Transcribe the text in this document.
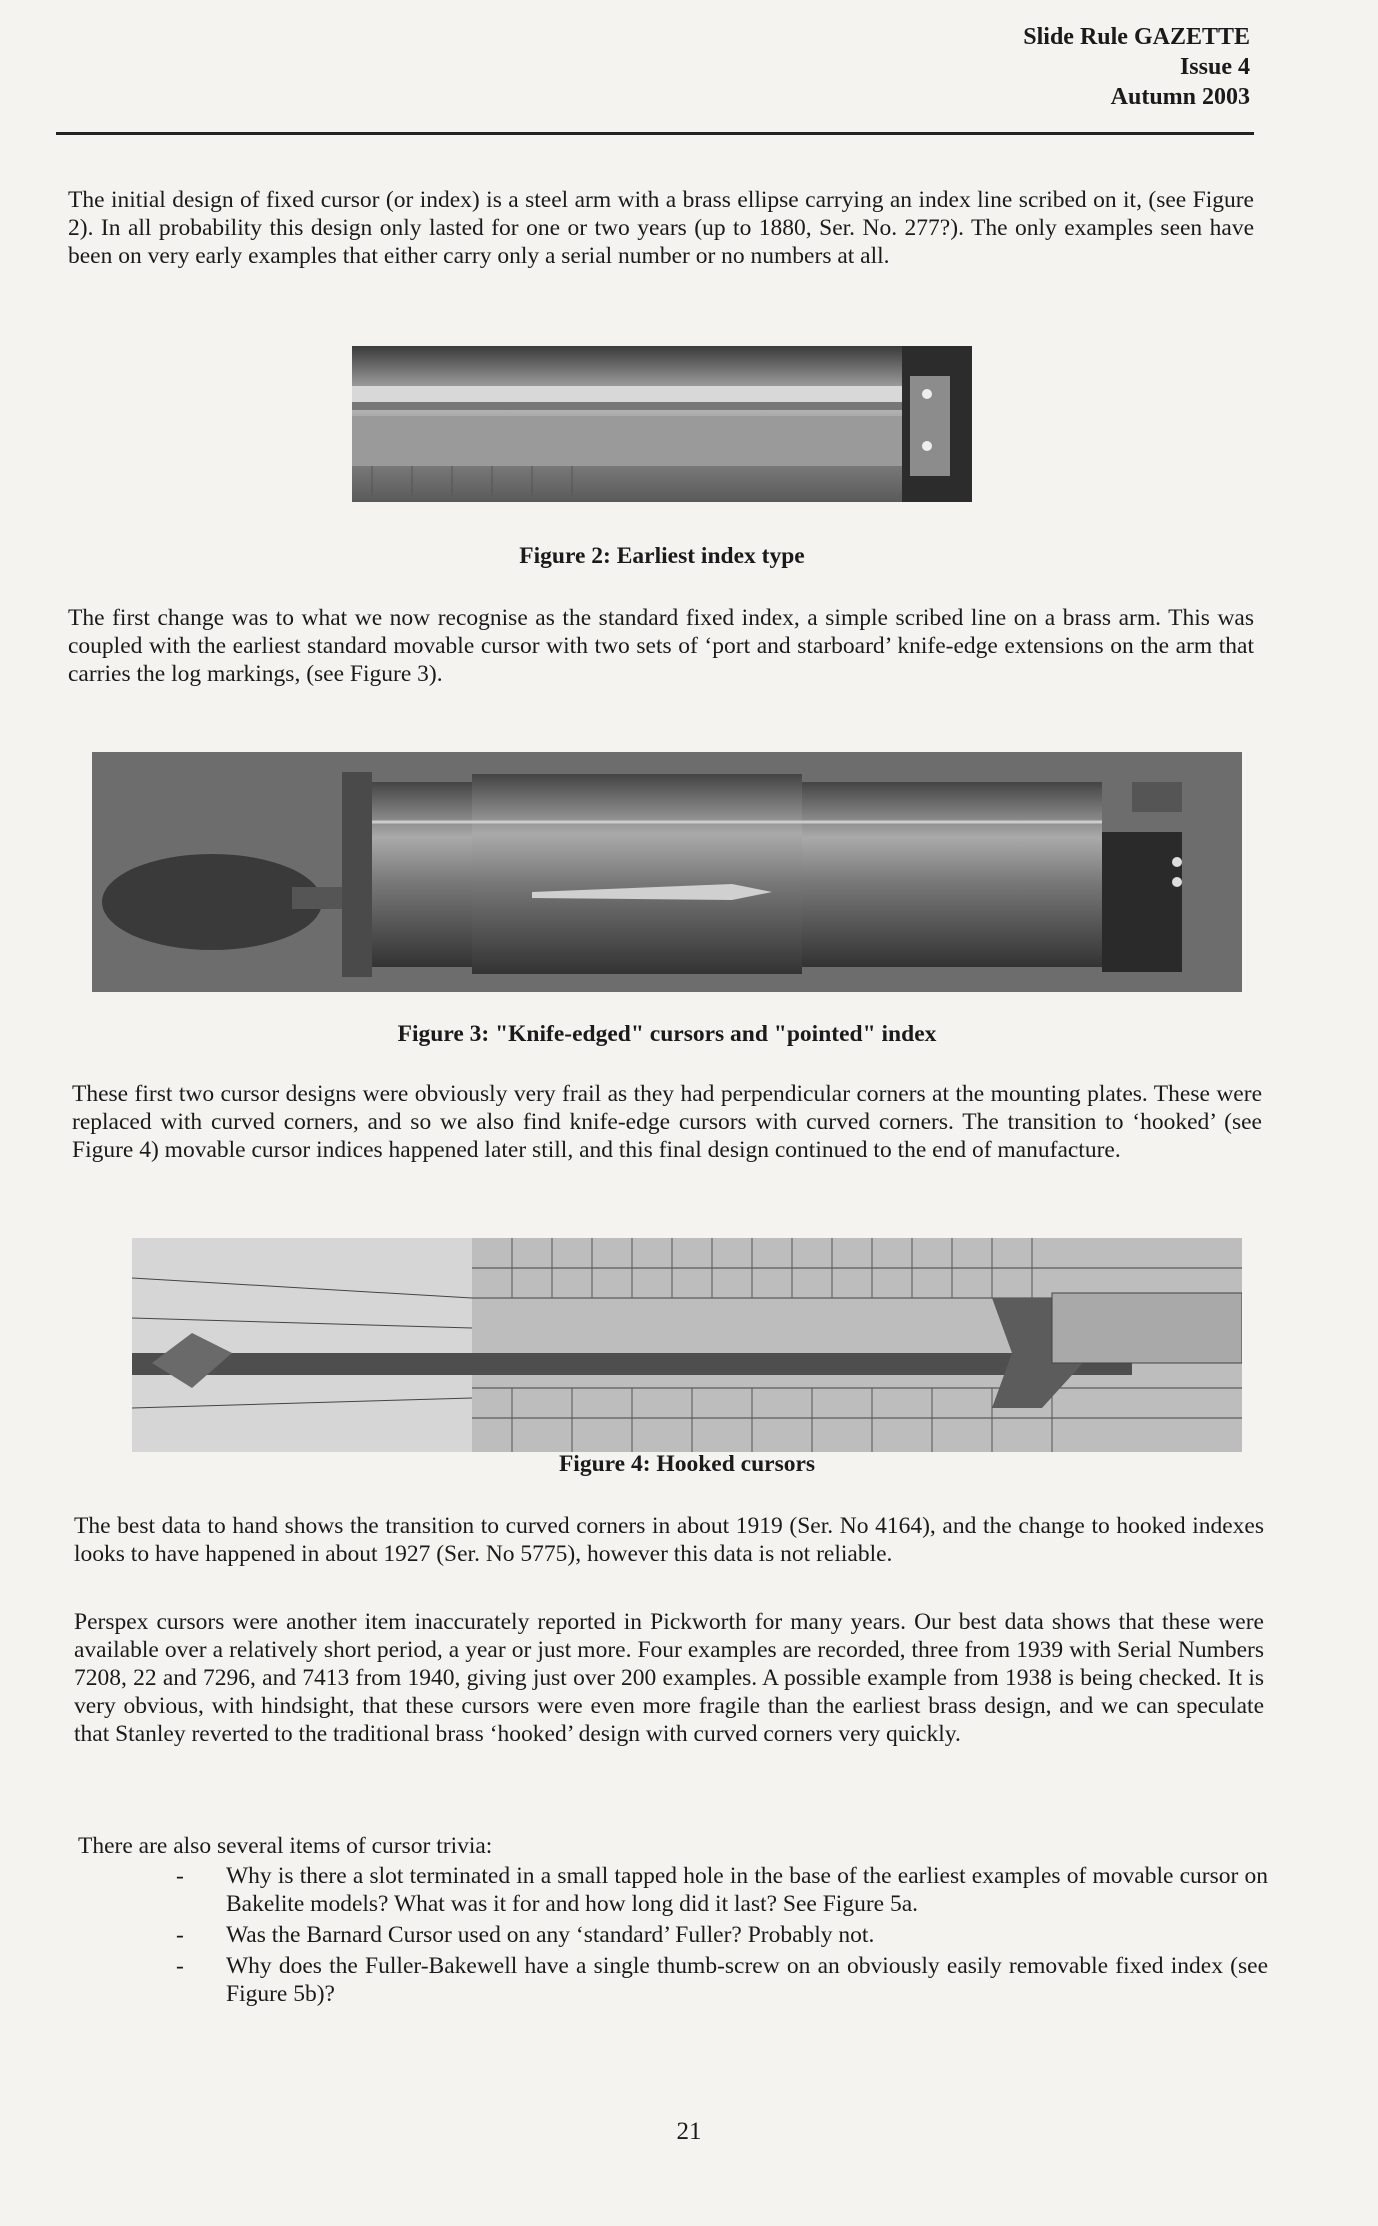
Slide Rule GAZETTE
Issue 4
Autumn 2003

The initial design of fixed cursor (or index) is a steel arm with a brass ellipse carrying an index line scribed on it, (see Figure 2). In all probability this design only lasted for one or two years (up to 1880, Ser. No. 277?). The only examples seen have been on very early examples that either carry only a serial number or no numbers at all.

Figure 2: Earliest index type

The first change was to what we now recognise as the standard fixed index, a simple scribed line on a brass arm. This was coupled with the earliest standard movable cursor with two sets of ‘port and starboard’ knife-edge extensions on the arm that carries the log markings, (see Figure 3).

Figure 3: "Knife-edged" cursors and "pointed" index

These first two cursor designs were obviously very frail as they had perpendicular corners at the mounting plates. These were replaced with curved corners, and so we also find knife-edge cursors with curved corners. The transition to ‘hooked’ (see Figure 4) movable cursor indices happened later still, and this final design continued to the end of manufacture.

Figure 4: Hooked cursors

The best data to hand shows the transition to curved corners in about 1919 (Ser. No 4164), and the change to hooked indexes looks to have happened in about 1927 (Ser. No 5775), however this data is not reliable.

Perspex cursors were another item inaccurately reported in Pickworth for many years. Our best data shows that these were available over a relatively short period, a year or just more. Four examples are recorded, three from 1939 with Serial Numbers 7208, 22 and 7296, and 7413 from 1940, giving just over 200 examples. A possible example from 1938 is being checked. It is very obvious, with hindsight, that these cursors were even more fragile than the earliest brass design, and we can speculate that Stanley reverted to the traditional brass ‘hooked’ design with curved corners very quickly.

There are also several items of cursor trivia:

- Why is there a slot terminated in a small tapped hole in the base of the earliest examples of movable cursor on Bakelite models? What was it for and how long did it last? See Figure 5a.
- Was the Barnard Cursor used on any ‘standard’ Fuller? Probably not.
- Why does the Fuller-Bakewell have a single thumb-screw on an obviously easily removable fixed index (see Figure 5b)?
21
